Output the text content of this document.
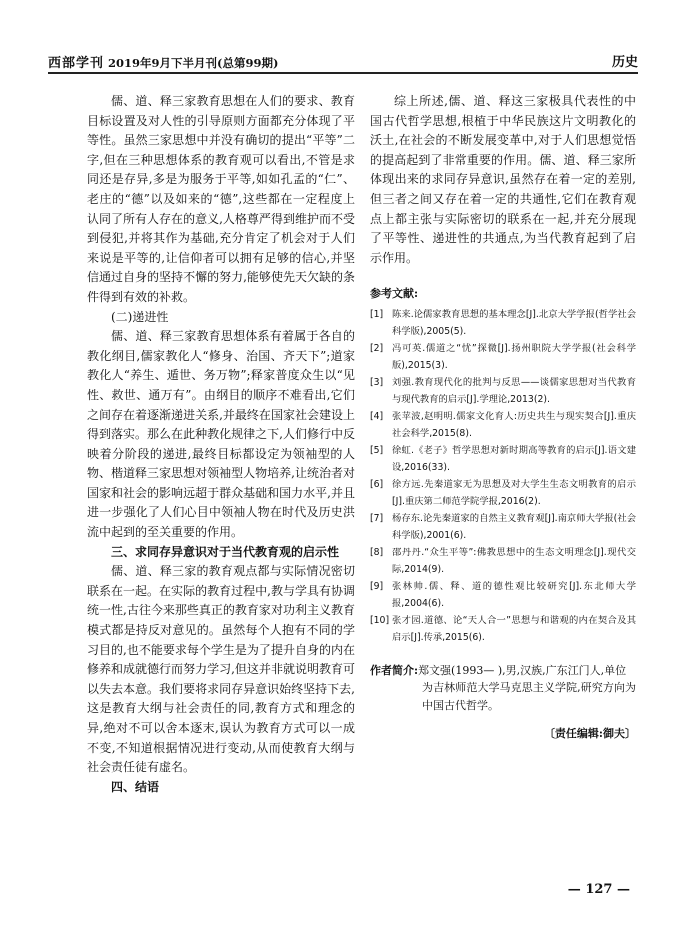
西部学刊 2019年9月下半月刊(总第99期)	历史

儒、道、释三家教育思想在人们的要求、教育目标设置及对人性的引导原则方面都充分体现了平等性。虽然三家思想中并没有确切的提出“平等”二字,但在三种思想体系的教育观可以看出,不管是求同还是存异,多是为服务于平等,如如孔孟的“仁”、老庄的“德”以及如来的“德”,这些都在一定程度上认同了所有人存在的意义,人格尊严得到维护而不受到侵犯,并将其作为基础,充分肯定了机会对于人们来说是平等的,让信仰者可以拥有足够的信心,并坚信通过自身的坚持不懈的努力,能够使先天欠缺的条件得到有效的补救。

(二)递进性

儒、道、释三家教育思想体系有着属于各自的教化纲目,儒家教化人“修身、治国、齐天下”;道家教化人“养生、遁世、务万物”;释家普度众生以“见性、救世、通万有”。由纲目的顺序不难看出,它们之间存在着逐渐递进关系,并最终在国家社会建设上得到落实。那么在此种教化规律之下,人们修行中反映着分阶段的递进,最终目标都设定为领袖型的人物、楷道释三家思想对领袖型人物培养,让统治者对国家和社会的影响远超于群众基础和国力水平,并且进一步强化了人们心目中领袖人物在时代及历史洪流中起到的至关重要的作用。

三、求同存异意识对于当代教育观的启示性

儒、道、释三家的教育观点都与实际情况密切联系在一起。在实际的教育过程中,教与学具有协调统一性,古往今来那些真正的教育家对功利主义教育模式都是持反对意见的。虽然每个人抱有不同的学习目的,也不能要求每个学生是为了提升自身的内在修养和成就德行而努力学习,但这并非就说明教育可以失去本意。我们要将求同存异意识始终坚持下去,这是教育大纲与社会责任的同,教育方式和理念的异,绝对不可以舍本逐末,误认为教育方式可以一成不变,不知道根据情况进行变动,从而使教育大纲与社会责任徒有虚名。

四、结语

综上所述,儒、道、释这三家极具代表性的中国古代哲学思想,根植于中华民族这片文明教化的沃土,在社会的不断发展变革中,对于人们思想觉悟的提高起到了非常重要的作用。儒、道、释三家所体现出来的求同存异意识,虽然存在着一定的差别,但三者之间又存在着一定的共通性,它们在教育观点上都主张与实际密切的联系在一起,并充分展现了平等性、递进性的共通点,为当代教育起到了启示作用。

参考文献:
[1] 陈来.论儒家教育思想的基本理念[J].北京大学学报(哲学社会科学版),2005(5).
[2] 冯可英.儒道之“忧”探微[J].扬州职院大学学报(社会科学版),2015(3).
[3] 刘强.教育现代化的批判与反思——谈儒家思想对当代教育与现代教育的启示[J].学理论,2013(2).
[4] 张苹波,赵明明.儒家文化育人:历史共生与现实契合[J].重庆社会科学,2015(8).
[5] 徐虹.《老子》哲学思想对新时期高等教育的启示[J].语文建设,2016(33).
[6] 徐方远.先秦道家无为思想及对大学生生态文明教育的启示[J].重庆第二师范学院学报,2016(2).
[7] 杨存东.论先秦道家的自然主义教育观[J].南京师大学报(社会科学版),2001(6).
[8] 邵丹丹.“众生平等”:佛教思想中的生态文明理念[J].现代交际,2014(9).
[9] 张林帅.儒、释、道的德性观比较研究[J].东北师大学报,2004(6).
[10] 张才园.道德、论“天人合一”思想与和谐观的内在契合及其启示[J].传承,2015(6).
作者简介:郑文强(1993— ),男,汉族,广东江门人,单位
为吉林师范大学马克思主义学院,研究方向为中国古代哲学。
〔责任编辑:御夫〕
— 127 —
